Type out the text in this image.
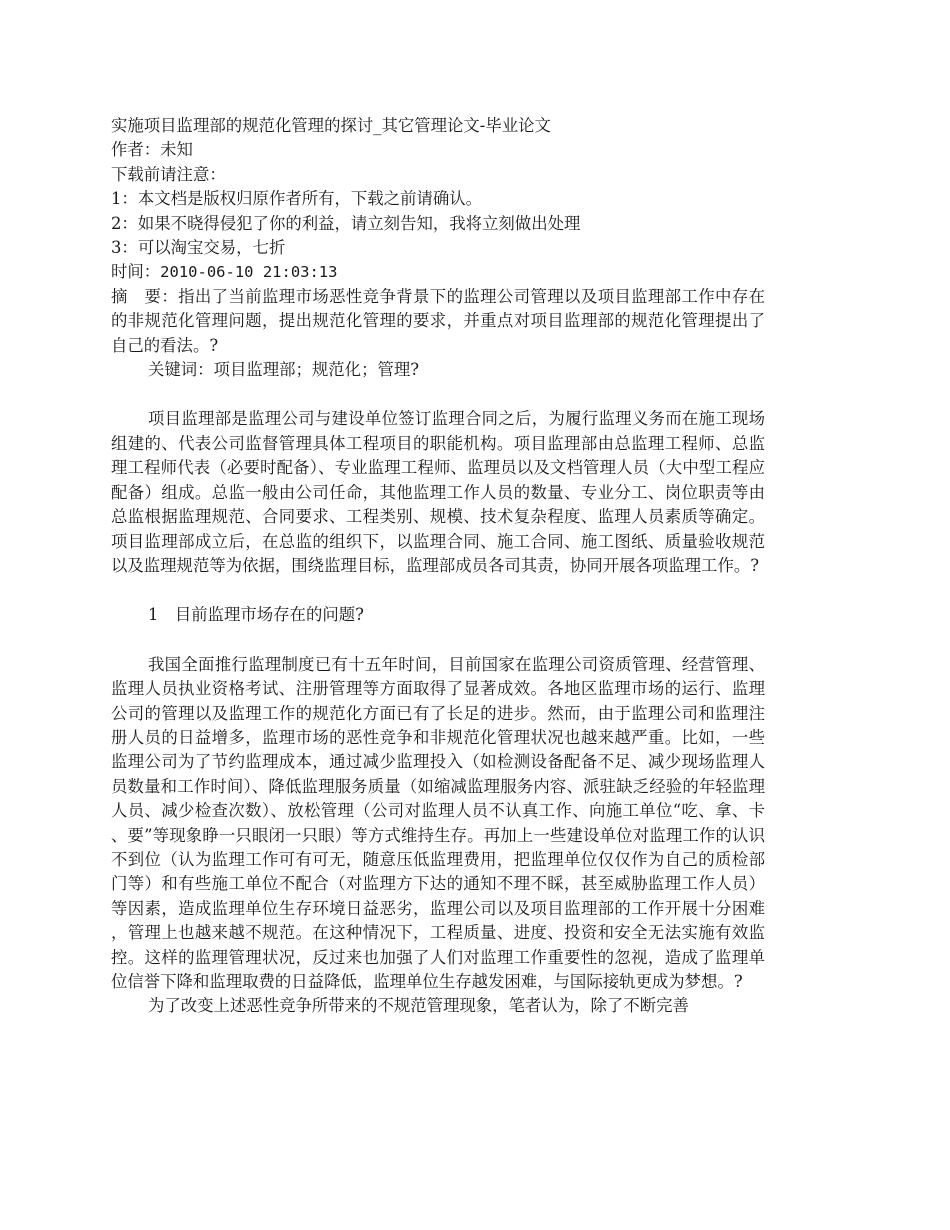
实施项目监理部的规范化管理的探讨_其它管理论文-毕业论文
作者：未知
下载前请注意：
1：本文档是版权归原作者所有，下载之前请确认。
2：如果不晓得侵犯了你的利益，请立刻告知，我将立刻做出处理
3：可以淘宝交易，七折
时间：2010-06-10 21:03:13
摘　要：指出了当前监理市场恶性竞争背景下的监理公司管理以及项目监理部工作中存在的非规范化管理问题，提出规范化管理的要求，并重点对项目监理部的规范化管理提出了自己的看法。?
关键词：项目监理部；规范化；管理?
项目监理部是监理公司与建设单位签订监理合同之后，为履行监理义务而在施工现场组建的、代表公司监督管理具体工程项目的职能机构。项目监理部由总监理工程师、总监理工程师代表（必要时配备）、专业监理工程师、监理员以及文档管理人员（大中型工程应配备）组成。总监一般由公司任命，其他监理工作人员的数量、专业分工、岗位职责等由总监根据监理规范、合同要求、工程类别、规模、技术复杂程度、监理人员素质等确定。项目监理部成立后，在总监的组织下，以监理合同、施工合同、施工图纸、质量验收规范以及监理规范等为依据，围绕监理目标，监理部成员各司其责，协同开展各项监理工作。?
1　目前监理市场存在的问题?
我国全面推行监理制度已有十五年时间，目前国家在监理公司资质管理、经营管理、监理人员执业资格考试、注册管理等方面取得了显著成效。各地区监理市场的运行、监理公司的管理以及监理工作的规范化方面已有了长足的进步。然而，由于监理公司和监理注册人员的日益增多，监理市场的恶性竞争和非规范化管理状况也越来越严重。比如，一些监理公司为了节约监理成本，通过减少监理投入（如检测设备配备不足、减少现场监理人员数量和工作时间）、降低监理服务质量（如缩减监理服务内容、派驻缺乏经验的年轻监理人员、减少检查次数）、放松管理（公司对监理人员不认真工作、向施工单位“吃、拿、卡、要”等现象睁一只眼闭一只眼）等方式维持生存。再加上一些建设单位对监理工作的认识不到位（认为监理工作可有可无，随意压低监理费用，把监理单位仅仅作为自己的质检部门等）和有些施工单位不配合（对监理方下达的通知不理不睬，甚至威胁监理工作人员）等因素，造成监理单位生存环境日益恶劣，监理公司以及项目监理部的工作开展十分困难，管理上也越来越不规范。在这种情况下，工程质量、进度、投资和安全无法实施有效监控。这样的监理管理状况，反过来也加强了人们对监理工作重要性的忽视，造成了监理单位信誉下降和监理取费的日益降低，监理单位生存越发困难，与国际接轨更成为梦想。?
为了改变上述恶性竞争所带来的不规范管理现象，笔者认为，除了不断完善
